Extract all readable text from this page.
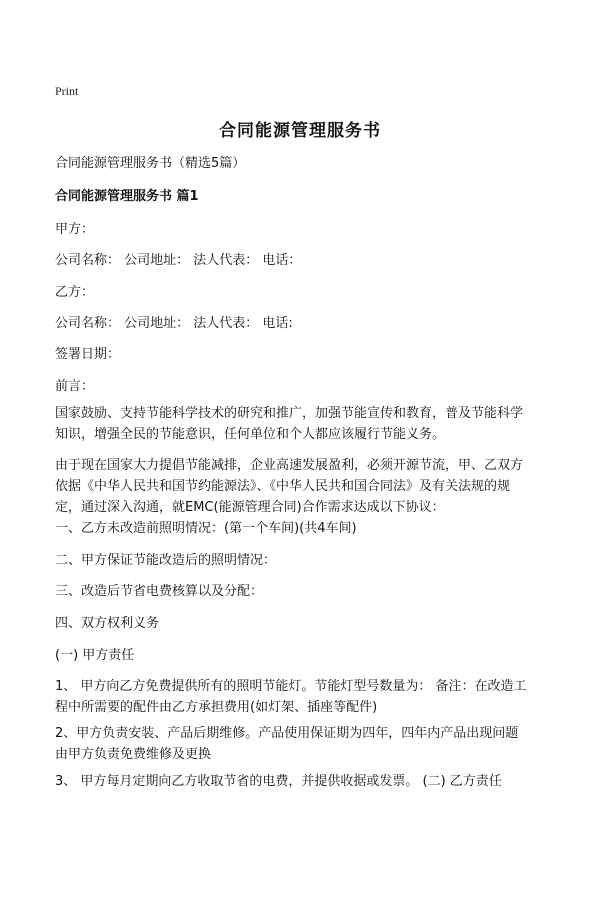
Print
合同能源管理服务书
合同能源管理服务书（精选5篇）
合同能源管理服务书 篇1
甲方：
公司名称： 公司地址： 法人代表： 电话：
乙方：
公司名称： 公司地址： 法人代表： 电话:
签署日期：
前言：
国家鼓励、支持节能科学技术的研究和推广，加强节能宣传和教育，普及节能科学
知识，增强全民的节能意识，任何单位和个人都应该履行节能义务。
由于现在国家大力提倡节能减排，企业高速发展盈利，必须开源节流，甲、乙双方
依据《中华人民共和国节约能源法》、《中华人民共和国合同法》及有关法规的规
定，通过深入沟通，就EMC(能源管理合同)合作需求达成以下协议：
一、乙方未改造前照明情况：(第一个车间)(共4车间)
二、甲方保证节能改造后的照明情况：
三、改造后节省电费核算以及分配：
四、双方权利义务
(一) 甲方责任
1、 甲方向乙方免费提供所有的照明节能灯。节能灯型号数量为： 备注：在改造工
程中所需要的配件由乙方承担费用(如灯架、插座等配件)
2、甲方负责安装、产品后期维修。产品使用保证期为四年，四年内产品出现问题
由甲方负责免费维修及更换
3、 甲方每月定期向乙方收取节省的电费，并提供收据或发票。 (二) 乙方责任
